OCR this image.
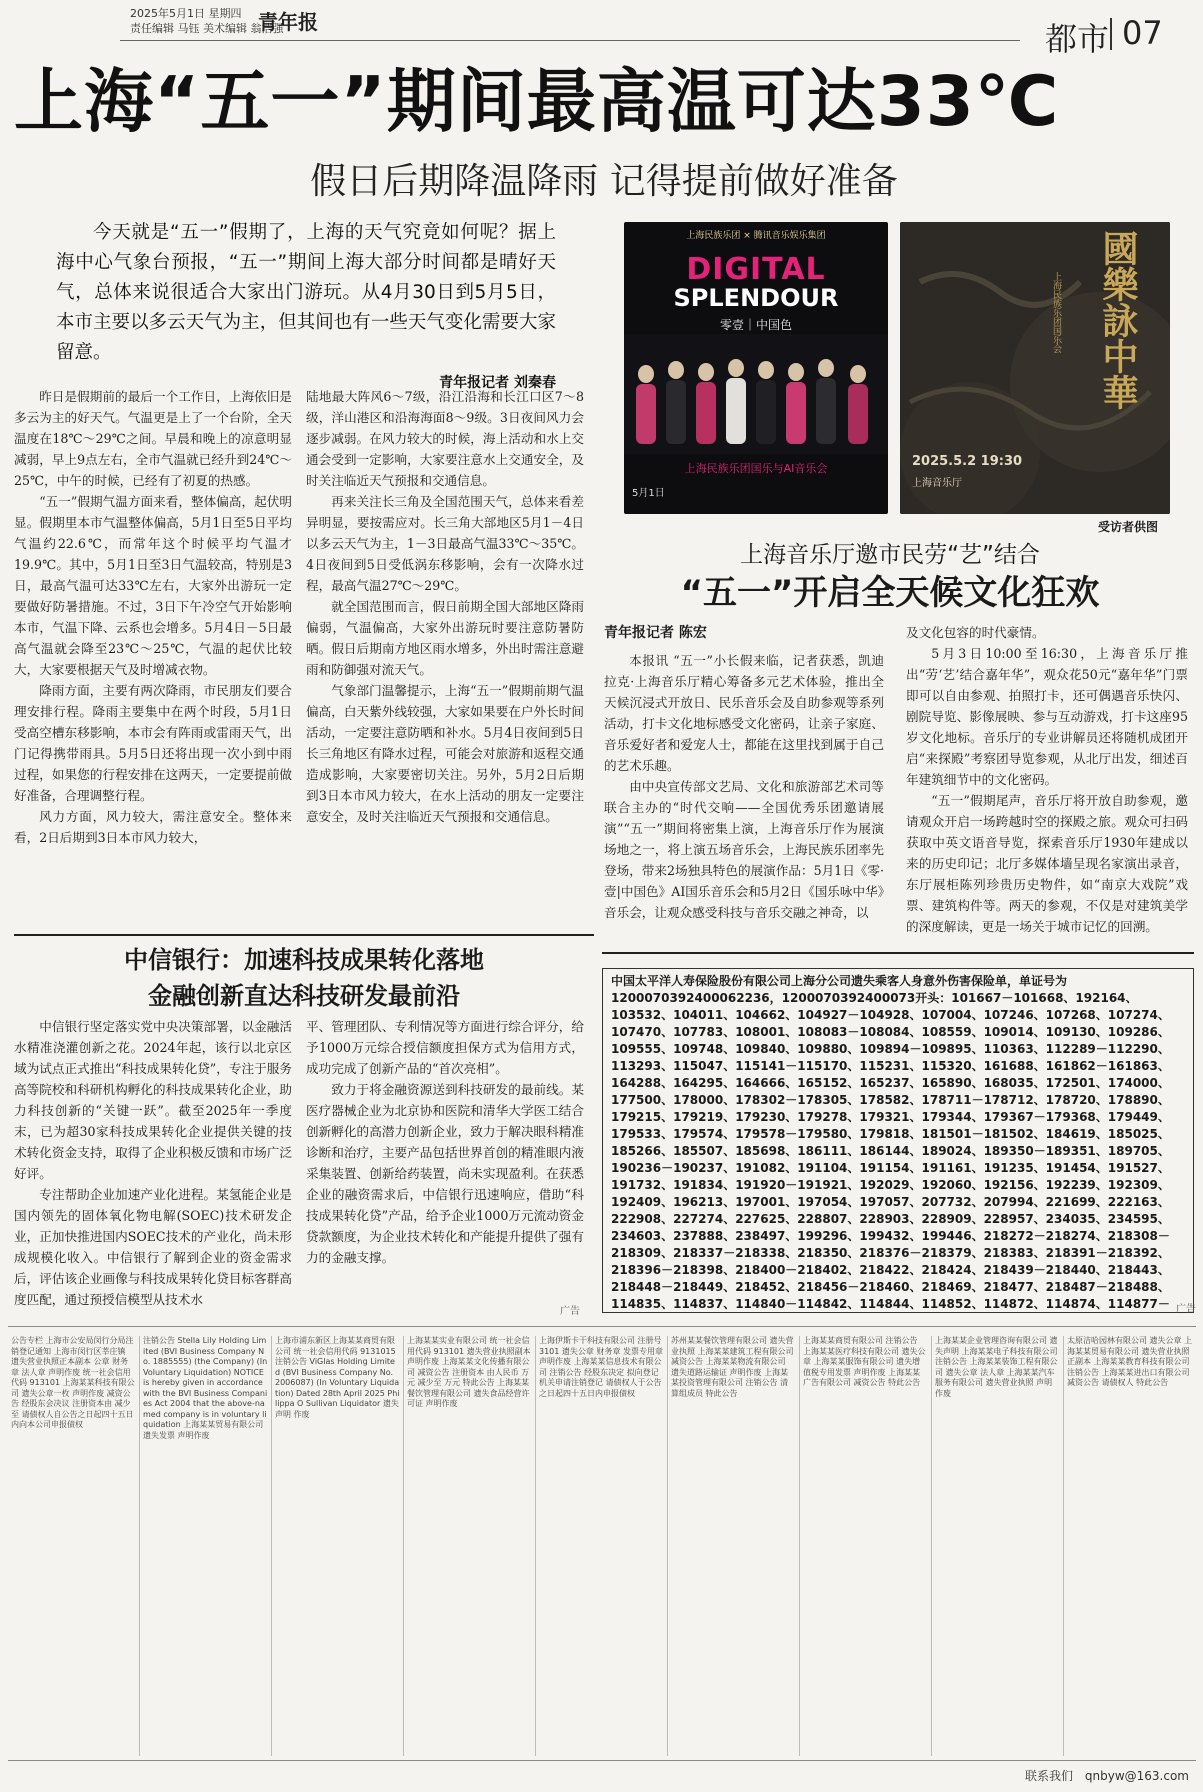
2025年5月1日 星期四
责任编辑 马钰 美术编辑 翁浩强
青年报	都市 07
上海“五一”期间最高温可达33℃
假日后期降温降雨 记得提前做好准备

今天就是“五一”假期了，上海的天气究竟如何呢？据上海中心气象台预报，“五一”期间上海大部分时间都是晴好天气，总体来说很适合大家出门游玩。从4月30日到5月5日，本市主要以多云天气为主，但其间也有一些天气变化需要大家留意。

青年报记者 刘秦春

昨日是假期前的最后一个工作日，上海依旧是多云为主的好天气。气温更是上了一个台阶，全天温度在18℃～29℃之间。早晨和晚上的凉意明显减弱，早上9点左右，全市气温就已经升到24℃～25℃，中午的时候，已经有了初夏的热感。

“五一”假期气温方面来看，整体偏高，起伏明显。假期里本市气温整体偏高，5月1日至5日平均气温约22.6℃，而常年这个时候平均气温才19.9℃。其中，5月1日至3日气温较高，特别是3日，最高气温可达33℃左右，大家外出游玩一定要做好防暑措施。不过，3日下午冷空气开始影响本市，气温下降、云系也会增多。5月4日－5日最高气温就会降至23℃～25℃，气温的起伏比较大，大家要根据天气及时增减衣物。

降雨方面，主要有两次降雨，市民朋友们要合理安排行程。降雨主要集中在两个时段，5月1日受高空槽东移影响，本市会有阵雨或雷雨天气，出门记得携带雨具。5月5日还将出现一次小到中雨过程，如果您的行程安排在这两天，一定要提前做好准备，合理调整行程。

风力方面，风力较大，需注意安全。整体来看，2日后期到3日本市风力较大，

陆地最大阵风6～7级，沿江沿海和长江口区7～8级，洋山港区和沿海海面8～9级。3日夜间风力会逐步减弱。在风力较大的时候，海上活动和水上交通会受到一定影响，大家要注意水上交通安全，及时关注临近天气预报和交通信息。

再来关注长三角及全国范围天气，总体来看差异明显，要按需应对。长三角大部地区5月1－4日以多云天气为主，1－3日最高气温33℃～35℃。4日夜间到5日受低涡东移影响，会有一次降水过程，最高气温27℃～29℃。

就全国范围而言，假日前期全国大部地区降雨偏弱，气温偏高，大家外出游玩时要注意防暑防晒。假日后期南方地区雨水增多，外出时需注意避雨和防御强对流天气。

气象部门温馨提示，上海“五一”假期前期气温偏高，白天紫外线较强，大家如果要在户外长时间活动，一定要注意防晒和补水。5月4日夜间到5日长三角地区有降水过程，可能会对旅游和返程交通造成影响，大家要密切关注。另外，5月2日后期到3日本市风力较大，在水上活动的朋友一定要注意安全，及时关注临近天气预报和交通信息。

上海民族乐团 × 腾讯音乐娱乐集团
DIGITAL
SPLENDOUR
零壹｜中国色
上海民族乐团国乐与AI音乐会
5月1日
國樂詠中華
上海民族乐团国乐会
2025.5.2 19:30
上海音乐厅
受访者供图
上海音乐厅邀市民劳“艺”结合
“五一”开启全天候文化狂欢
青年报记者 陈宏

本报讯 “五一”小长假来临，记者获悉，凯迪拉克·上海音乐厅精心筹备多元艺术体验，推出全天候沉浸式开放日、民乐音乐会及自助参观等系列活动，打卡文化地标感受文化密码，让亲子家庭、音乐爱好者和爱宠人士，都能在这里找到属于自己的艺术乐趣。

由中央宣传部文艺局、文化和旅游部艺术司等联合主办的“时代交响——全国优秀乐团邀请展演”“五一”期间将密集上演，上海音乐厅作为展演场地之一，将上演五场音乐会，上海民族乐团率先登场，带来2场独具特色的展演作品：5月1日《零·壹|中国色》AI国乐音乐会和5月2日《国乐咏中华》音乐会，让观众感受科技与音乐交融之神奇，以

及文化包容的时代豪情。

5月3日10:00至16:30，上海音乐厅推出“劳‘艺’结合嘉年华”，观众花50元“嘉年华”门票即可以自由参观、拍照打卡，还可偶遇音乐快闪、剧院导览、影像展映、参与互动游戏，打卡这座95岁文化地标。音乐厅的专业讲解员还将随机成团开启“来探殿”考察团导览参观，从北厅出发，细述百年建筑细节中的文化密码。

“五一”假期尾声，音乐厅将开放自助参观，邀请观众开启一场跨越时空的探殿之旅。观众可扫码获取中英文语音导览，探索音乐厅1930年建成以来的历史印记；北厅多媒体墙呈现名家演出录音，东厅展柜陈列珍贵历史物件，如“南京大戏院”戏票、建筑构件等。两天的参观，不仅是对建筑美学的深度解读，更是一场关于城市记忆的回溯。

中信银行：加速科技成果转化落地
金融创新直达科技研发最前沿

中信银行坚定落实党中央决策部署，以金融活水精准浇灌创新之花。2024年起，该行以北京区域为试点正式推出“科技成果转化贷”，专注于服务高等院校和科研机构孵化的科技成果转化企业，助力科技创新的“关键一跃”。截至2025年一季度末，已为超30家科技成果转化企业提供关键的技术转化资金支持，取得了企业积极反馈和市场广泛好评。

专注帮助企业加速产业化进程。某氢能企业是国内领先的固体氧化物电解(SOEC)技术研发企业，正加快推进国内SOEC技术的产业化，尚未形成规模化收入。中信银行了解到企业的资金需求后，评估该企业画像与科技成果转化贷目标客群高度匹配，通过预授信模型从技术水

平、管理团队、专利情况等方面进行综合评分，给予1000万元综合授信额度担保方式为信用方式，成功完成了创新产品的“首次亮相”。

致力于将金融资源送到科技研发的最前线。某医疗器械企业为北京协和医院和清华大学医工结合创新孵化的高潜力创新企业，致力于解决眼科精准诊断和治疗，主要产品包括世界首创的精准眼内液采集装置、创新给药装置，尚未实现盈利。在获悉企业的融资需求后，中信银行迅速响应，借助“科技成果转化贷”产品，给予企业1000万元流动资金贷款额度，为企业技术转化和产能提升提供了强有力的金融支撑。

广告
中国太平洋人寿保险股份有限公司上海分公司遗失乘客人身意外伤害保险单，单证号为1200070392400062236，1200070392400073开头：101667－101668、192164、103532、104011、104662、104927－104928、107004、107246、107268、107274、107470、107783、108001、108083－108084、108559、109014、109130、109286、109555、109748、109840、109880、109894－109895、110363、112289－112290、113293、115047、115141－115170、115231、115320、161688、161862－161863、164288、164295、164666、165152、165237、165890、168035、172501、174000、177500、178000、178302－178305、178582、178711－178712、178720、178890、179215、179219、179230、179278、179321、179344、179367－179368、179449、179533、179574、179578－179580、179818、181501－181502、184619、185025、185266、185507、185698、186111、186144、189024、189350－189351、189705、190236－190237、191082、191104、191154、191161、191235、191454、191527、191732、191834、191920－191921、192029、192060、192156、192239、192309、192409、196213、197001、197054、197057、207732、207994、221699、222163、222908、227274、227625、228807、228903、228909、228957、234035、234595、234603、237888、238497、199296、199432、199446、218272－218274、218308－218309、218337－218338、218350、218376－218379、218383、218391－218392、218396－218398、218400－218402、218422、218424、218439－218440、218443、218448－218449、218452、218456－218460、218469、218477、218487－218488、114835、114837、114840－114842、114844、114852、114872、114874、114877－ 广告
公告专栏 上海市公安局闵行分局注销登记通知 上海市闵行区莘庄镇 遗失营业执照正本副本 公章 财务章 法人章 声明作废 统一社会信用代码 913101 上海某某科技有限公司 遗失公章一枚 声明作废 减资公告 经股东会决议 注册资本由 减少至 请债权人自公告之日起四十五日内向本公司申报债权
注销公告 Stella Lily Holding Limited (BVI Business Company No. 1885555) (the Company) (In Voluntary Liquidation) NOTICE is hereby given in accordance with the BVI Business Companies Act 2004 that the above-named company is in voluntary liquidation 上海某某贸易有限公司 遗失发票 声明作废
上海市浦东新区上海某某商贸有限公司 统一社会信用代码 9131015 注销公告 ViGlas Holding Limited (BVI Business Company No. 2006087) (In Voluntary Liquidation) Dated 28th April 2025 Philippa O Sullivan Liquidator 遗失声明 作废
上海某某实业有限公司 统一社会信用代码 913101 遗失营业执照副本 声明作废 上海某某文化传播有限公司 减资公告 注册资本 由人民币 万元 减少至 万元 特此公告 上海某某餐饮管理有限公司 遗失食品经营许可证 声明作废
上海伊斯卡干科技有限公司 注册号 3101 遗失公章 财务章 发票专用章 声明作废 上海某某信息技术有限公司 注销公告 经股东决定 拟向登记机关申请注销登记 请债权人于公告之日起四十五日内申报债权
苏州某某餐饮管理有限公司 遗失营业执照 上海某某建筑工程有限公司 减资公告 上海某某物流有限公司 遗失道路运输证 声明作废 上海某某投资管理有限公司 注销公告 清算组成员 特此公告
上海某某商贸有限公司 注销公告 上海某某医疗科技有限公司 遗失公章 上海某某服饰有限公司 遗失增值税专用发票 声明作废 上海某某广告有限公司 减资公告 特此公告
上海某某企业管理咨询有限公司 遗失声明 上海某某电子科技有限公司 注销公告 上海某某装饰工程有限公司 遗失公章 法人章 上海某某汽车服务有限公司 遗失营业执照 声明作废
太原洁哈园林有限公司 遗失公章 上海某某贸易有限公司 遗失营业执照正副本 上海某某教育科技有限公司 注销公告 上海某某进出口有限公司 减资公告 请债权人 特此公告
联系我们 qnbyw@163.com
